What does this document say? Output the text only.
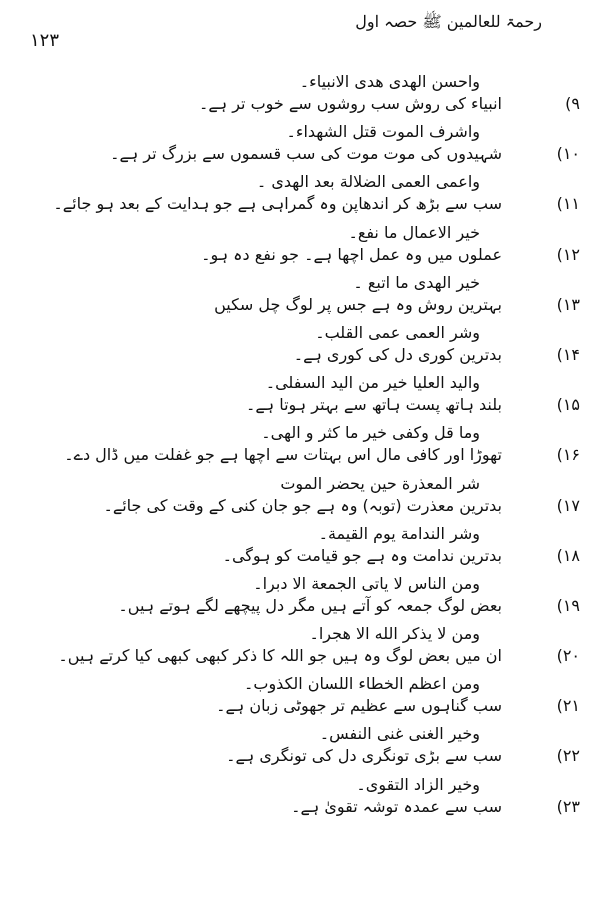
رحمۃ للعالمین ﷺ حصہ اول
۱۲۳
واحسن الهدى هدى الانبياء۔
انبیاء کی روش سب روشوں سے خوب تر ہے۔	۹)
واشرف الموت قتل الشهداء۔
شہیدوں کی موت موت کی سب قسموں سے بزرگ تر ہے۔	۱۰)
واعمى العمى الضلالة بعد الهدى ۔
سب سے بڑھ کر اندھاپن وہ گمراہی ہے جو ہدایت کے بعد ہو جائے۔	۱۱)
خير الاعمال ما نفع۔
عملوں میں وہ عمل اچھا ہے۔ جو نفع دہ ہو۔	۱۲)
خير الهدى ما اتبع ۔
بہترین روش وہ ہے جس پر لوگ چل سکیں	۱۳)
وشر العمى عمى القلب۔
بدترین کوری دل کی کوری ہے۔	۱۴)
واليد العليا خير من اليد السفلى۔
بلند ہاتھ پست ہاتھ سے بہتر ہوتا ہے۔	۱۵)
وما قل وكفى خير ما كثر و الهى۔
تھوڑا اور کافی مال اس بہتات سے اچھا ہے جو غفلت میں ڈال دے۔	۱۶)
شر المعذرة حين يحضر الموت
بدترین معذرت (توبہ) وہ ہے جو جان کنی کے وقت کی جائے۔	۱۷)
وشر الندامة يوم القيمة۔
بدترین ندامت وہ ہے جو قیامت کو ہوگی۔	۱۸)
ومن الناس لا ياتى الجمعة الا دبرا۔
بعض لوگ جمعہ کو آتے ہیں مگر دل پیچھے لگے ہوتے ہیں۔	۱۹)
ومن لا يذكر الله الا هجرا۔
ان میں بعض لوگ وہ ہیں جو اللہ کا ذکر کبھی کبھی کیا کرتے ہیں۔	۲۰)
ومن اعظم الخطاء اللسان الكذوب۔
سب گناہوں سے عظیم تر جھوٹی زبان ہے۔	۲۱)
وخير الغنى غنى النفس۔
سب سے بڑی تونگری دل کی تونگری ہے۔	۲۲)
وخير الزاد التقوى۔
سب سے عمدہ توشہ تقویٰ ہے۔	۲۳)
